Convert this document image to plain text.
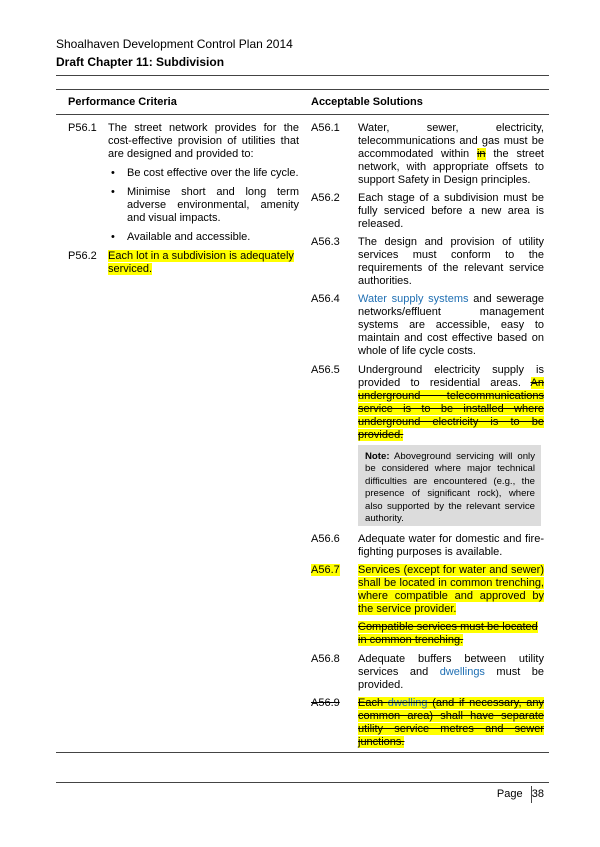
Shoalhaven Development Control Plan 2014
Draft Chapter 11: Subdivision
Performance Criteria	Acceptable Solutions
P56.1 The street network provides for the cost-effective provision of utilities that are designed and provided to:
• Be cost effective over the life cycle.
• Minimise short and long term adverse environmental, amenity and visual impacts.
• Available and accessible.
P56.2 Each lot in a subdivision is adequately serviced.
A56.1 Water, sewer, electricity, telecommunications and gas must be accommodated within in the street network, with appropriate offsets to support Safety in Design principles.
A56.2 Each stage of a subdivision must be fully serviced before a new area is released.
A56.3 The design and provision of utility services must conform to the requirements of the relevant service authorities.
A56.4 Water supply systems and sewerage networks/effluent management systems are accessible, easy to maintain and cost effective based on whole of life cycle costs.
A56.5 Underground electricity supply is provided to residential areas. An underground telecommunications service is to be installed where underground electricity is to be provided.
Note: Aboveground servicing will only be considered where major technical difficulties are encountered (e.g., the presence of significant rock), where also supported by the relevant service authority.
A56.6 Adequate water for domestic and fire-fighting purposes is available.
A56.7 Services (except for water and sewer) shall be located in common trenching, where compatible and approved by the service provider.
Compatible services must be located in common trenching.
A56.8 Adequate buffers between utility services and dwellings must be provided.
A56.9 Each dwelling (and if necessary, any common area) shall have separate utility service metres and sewer junctions.
Page 38
